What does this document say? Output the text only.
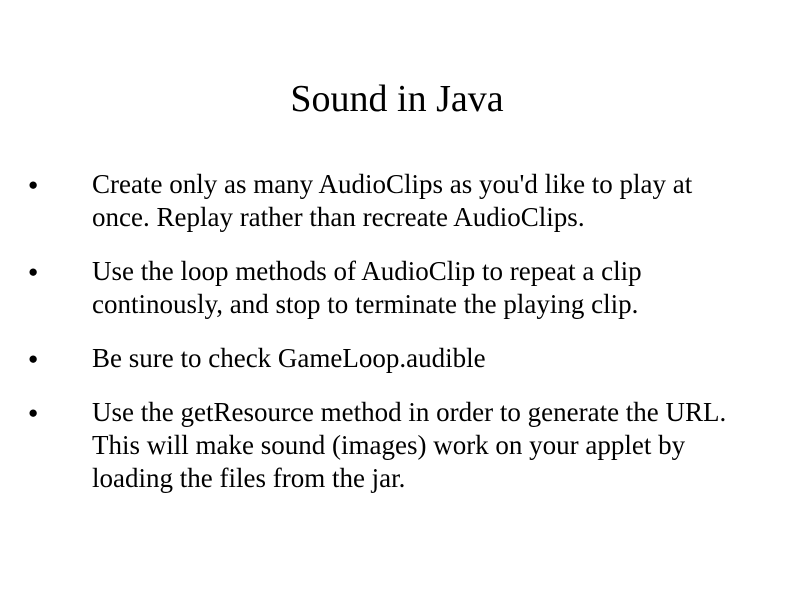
Sound in Java
●	Create only as many AudioClips as you'd like to play at once. Replay rather than recreate AudioClips.
●	Use the loop methods of AudioClip to repeat a clip continously, and stop to terminate the playing clip.
●	Be sure to check GameLoop.audible
●	Use the getResource method in order to generate the URL. This will make sound (images) work on your applet by loading the files from the jar.
